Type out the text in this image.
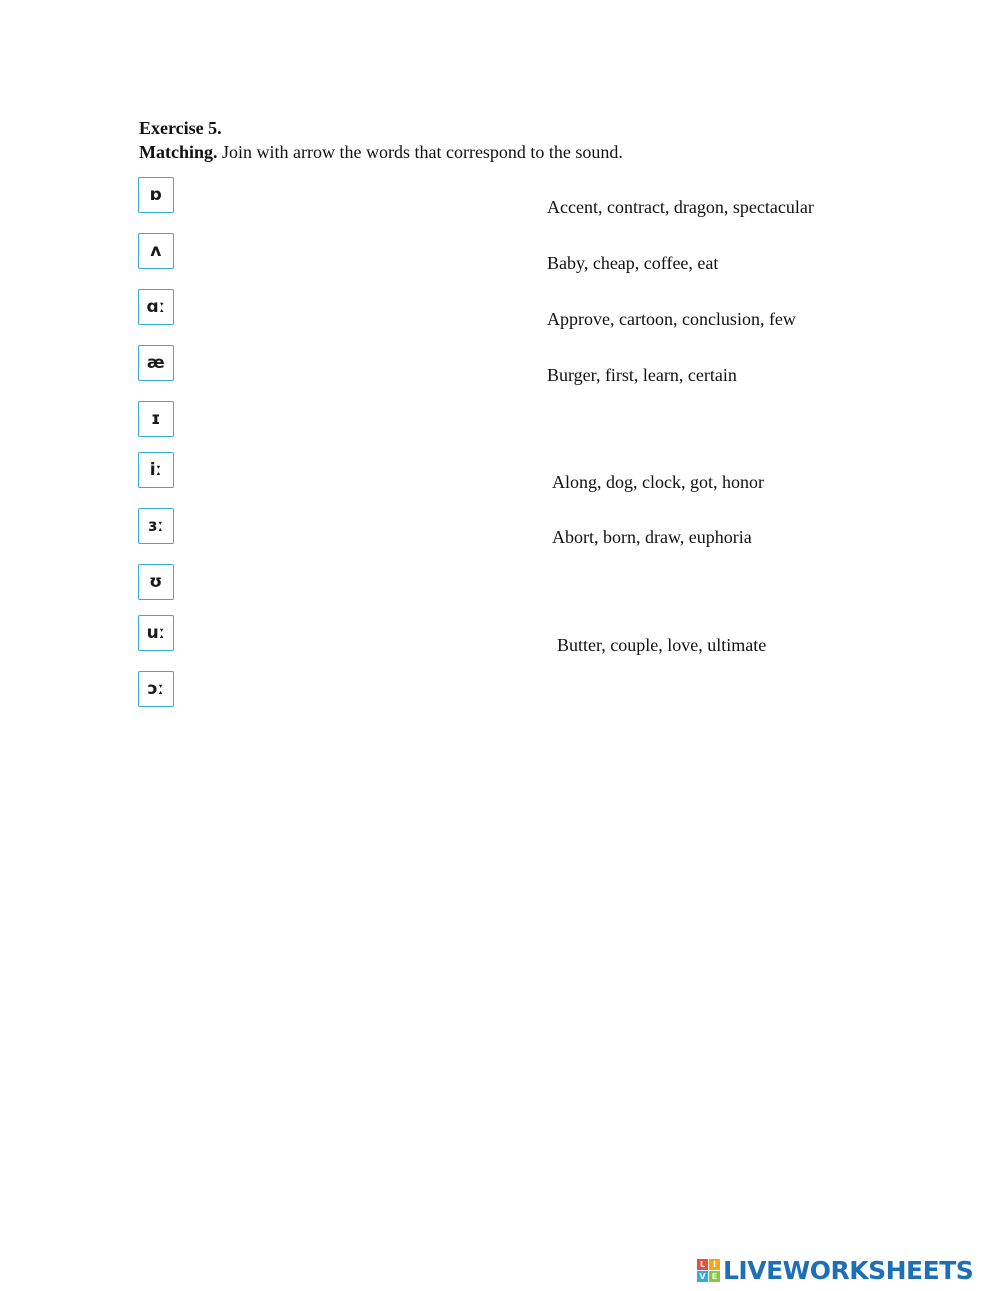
Exercise 5.
Matching. Join with arrow the words that correspond to the sound.
ɒ
ʌ
ɑː
æ
ɪ
iː
ɜː
ʊ
uː
ɔː
Accent, contract, dragon, spectacular
Baby, cheap, coffee, eat
Approve, cartoon, conclusion, few
Burger, first, learn, certain
Along, dog, clock, got, honor
Abort, born, draw, euphoria
Butter, couple, love, ultimate
L I
V E LIVEWORKSHEETS
